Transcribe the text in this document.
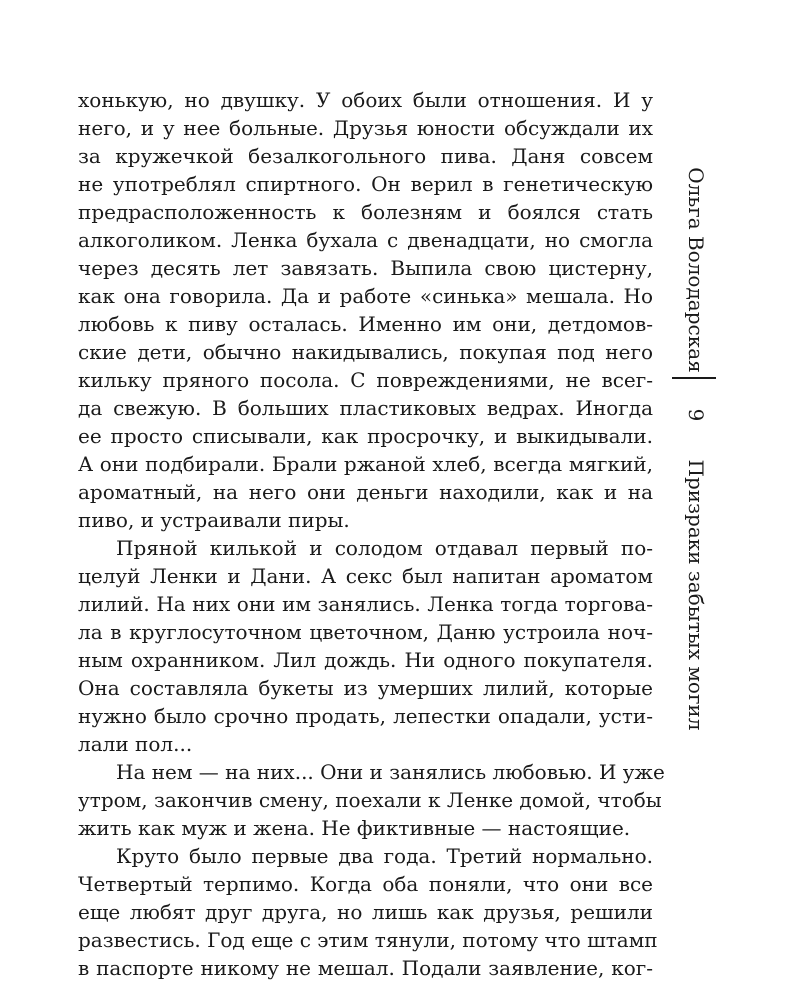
хонькую, но двушку. У обоих были отношения. И у
него, и у нее больные. Друзья юности обсуждали их
за кружечкой безалкогольного пива. Даня совсем
не употреблял спиртного. Он верил в генетическую
предрасположенность к болезням и боялся стать
алкоголиком. Ленка бухала с двенадцати, но смогла
через десять лет завязать. Выпила свою цистерну,
как она говорила. Да и работе «синька» мешала. Но
любовь к пиву осталась. Именно им они, детдомов-
ские дети, обычно накидывались, покупая под него
кильку пряного посола. С повреждениями, не всег-
да свежую. В больших пластиковых ведрах. Иногда
ее просто списывали, как просрочку, и выкидывали.
А они подбирали. Брали ржаной хлеб, всегда мягкий,
ароматный, на него они деньги находили, как и на
пиво, и устраивали пиры.
Пряной килькой и солодом отдавал первый по-
целуй Ленки и Дани. А секс был напитан ароматом
лилий. На них они им занялись. Ленка тогда торгова-
ла в круглосуточном цветочном, Даню устроила ноч-
ным охранником. Лил дождь. Ни одного покупателя.
Она составляла букеты из умерших лилий, которые
нужно было срочно продать, лепестки опадали, усти-
лали пол...
На нем — на них... Они и занялись любовью. И уже
утром, закончив смену, поехали к Ленке домой, чтобы
жить как муж и жена. Не фиктивные — настоящие.
Круто было первые два года. Третий нормально.
Четвертый терпимо. Когда оба поняли, что они все
еще любят друг друга, но лишь как друзья, решили
развестись. Год еще с этим тянули, потому что штамп
в паспорте никому не мешал. Подали заявление, ког-
Ольга Володарская
9
Призраки забытых могил
